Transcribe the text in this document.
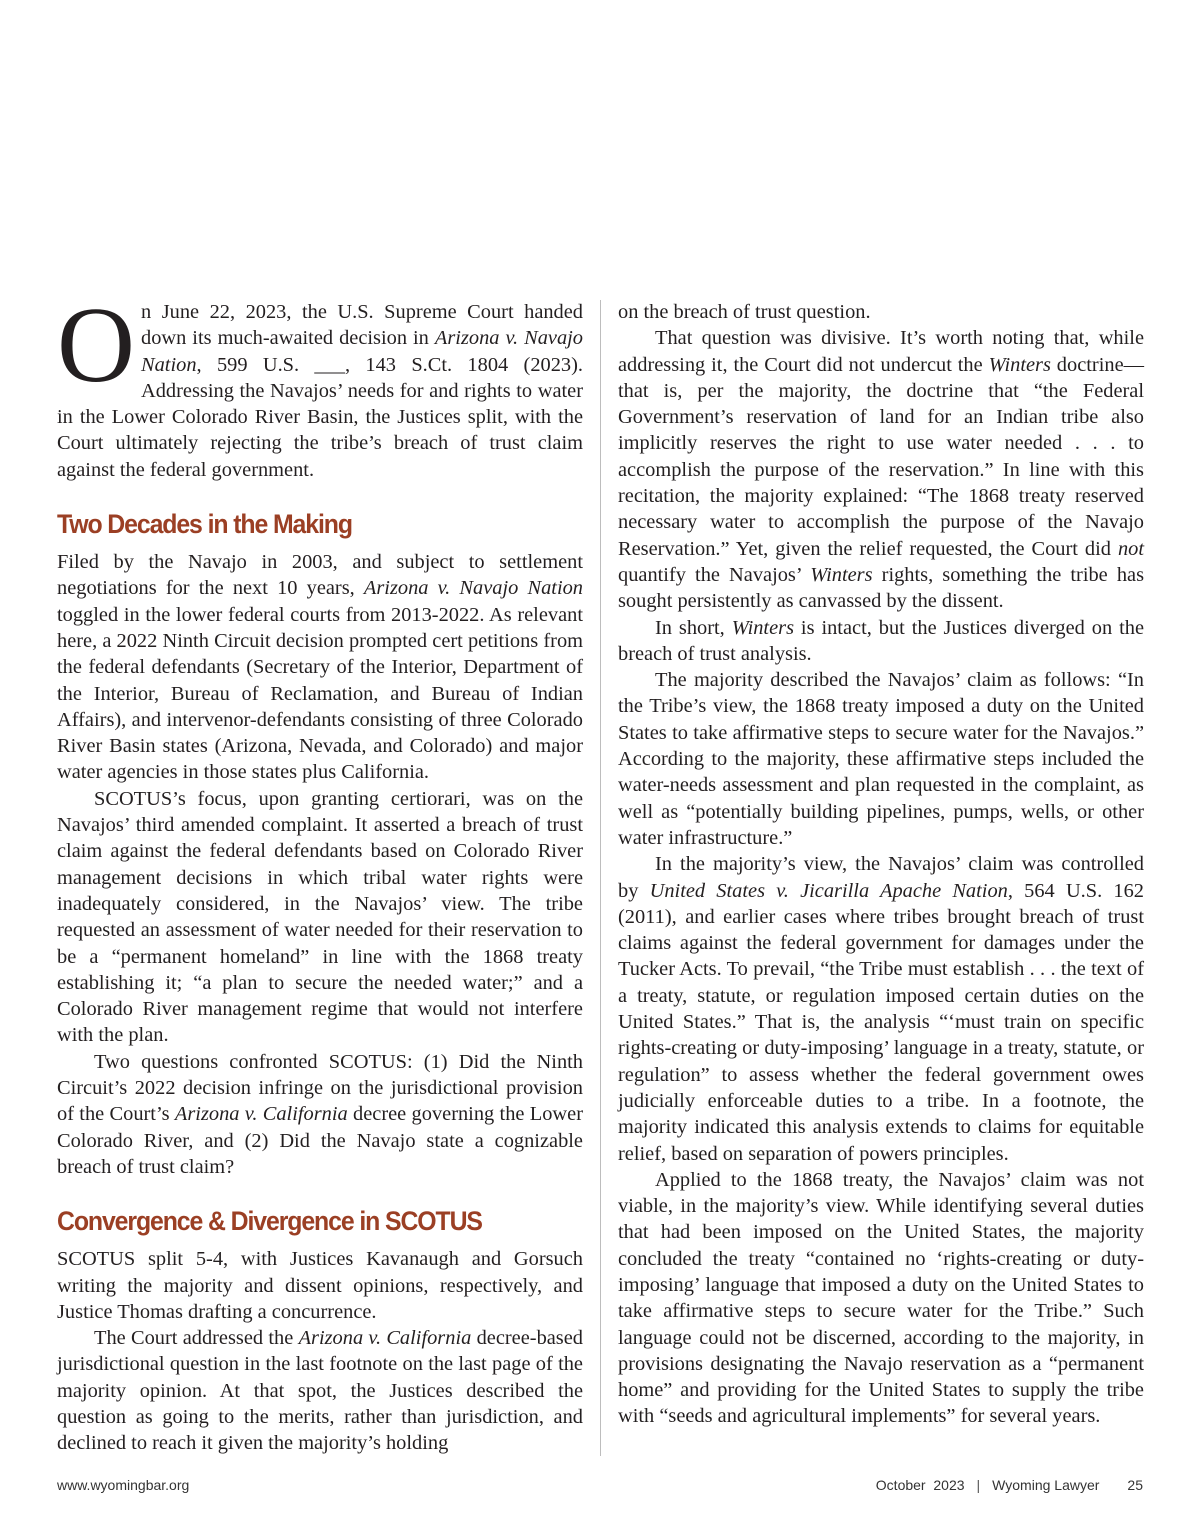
On June 22, 2023, the U.S. Supreme Court handed down its much-awaited decision in Arizona v. Navajo Nation, 599 U.S. ___, 143 S.Ct. 1804 (2023). Addressing the Navajos’ needs for and rights to water in the Lower Colorado River Basin, the Justices split, with the Court ultimately rejecting the tribe’s breach of trust claim against the federal government.

Two Decades in the Making

Filed by the Navajo in 2003, and subject to settlement negotiations for the next 10 years, Arizona v. Navajo Nation toggled in the lower federal courts from 2013-2022. As relevant here, a 2022 Ninth Circuit decision prompted cert petitions from the federal defendants (Secretary of the Interior, Department of the Interior, Bureau of Reclamation, and Bureau of Indian Affairs), and intervenor-defendants consisting of three Colorado River Basin states (Arizona, Nevada, and Colorado) and major water agencies in those states plus California.

SCOTUS’s focus, upon granting certiorari, was on the Navajos’ third amended complaint. It asserted a breach of trust claim against the federal defendants based on Colorado River management decisions in which tribal water rights were inadequately considered, in the Navajos’ view. The tribe requested an assessment of water needed for their reservation to be a “permanent homeland” in line with the 1868 treaty establishing it; “a plan to secure the needed water;” and a Colorado River management regime that would not interfere with the plan.

Two questions confronted SCOTUS: (1) Did the Ninth Circuit’s 2022 decision infringe on the jurisdictional provision of the Court’s Arizona v. California decree governing the Lower Colorado River, and (2) Did the Navajo state a cognizable breach of trust claim?

Convergence & Divergence in SCOTUS

SCOTUS split 5-4, with Justices Kavanaugh and Gorsuch writing the majority and dissent opinions, respectively, and Justice Thomas drafting a concurrence.

The Court addressed the Arizona v. California decree-based jurisdictional question in the last footnote on the last page of the majority opinion. At that spot, the Justices described the question as going to the merits, rather than jurisdiction, and declined to reach it given the majority’s holding

on the breach of trust question.

That question was divisive. It’s worth noting that, while addressing it, the Court did not undercut the Winters doctrine—that is, per the majority, the doctrine that “the Federal Government’s reservation of land for an Indian tribe also implicitly reserves the right to use water needed . . . to accomplish the purpose of the reservation.” In line with this recitation, the majority explained: “The 1868 treaty reserved necessary water to accomplish the purpose of the Navajo Reservation.” Yet, given the relief requested, the Court did not quantify the Navajos’ Winters rights, something the tribe has sought persistently as canvassed by the dissent.

In short, Winters is intact, but the Justices diverged on the breach of trust analysis.

The majority described the Navajos’ claim as follows: “In the Tribe’s view, the 1868 treaty imposed a duty on the United States to take affirmative steps to secure water for the Navajos.” According to the majority, these affirmative steps included the water-needs assessment and plan requested in the complaint, as well as “potentially building pipelines, pumps, wells, or other water infrastructure.”

In the majority’s view, the Navajos’ claim was controlled by United States v. Jicarilla Apache Nation, 564 U.S. 162 (2011), and earlier cases where tribes brought breach of trust claims against the federal government for damages under the Tucker Acts. To prevail, “the Tribe must establish . . . the text of a treaty, statute, or regulation imposed certain duties on the United States.” That is, the analysis “‘must train on specific rights-creating or duty-imposing’ language in a treaty, statute, or regulation” to assess whether the federal government owes judicially enforceable duties to a tribe. In a footnote, the majority indicated this analysis extends to claims for equitable relief, based on separation of powers principles.

Applied to the 1868 treaty, the Navajos’ claim was not viable, in the majority’s view. While identifying several duties that had been imposed on the United States, the majority concluded the treaty “contained no ‘rights-creating or duty-imposing’ language that imposed a duty on the United States to take affirmative steps to secure water for the Tribe.” Such language could not be discerned, according to the majority, in provisions designating the Navajo reservation as a “permanent home” and providing for the United States to supply the tribe with “seeds and agricultural implements” for several years.

www.wyomingbar.org	October  2023 | Wyoming Lawyer 25
